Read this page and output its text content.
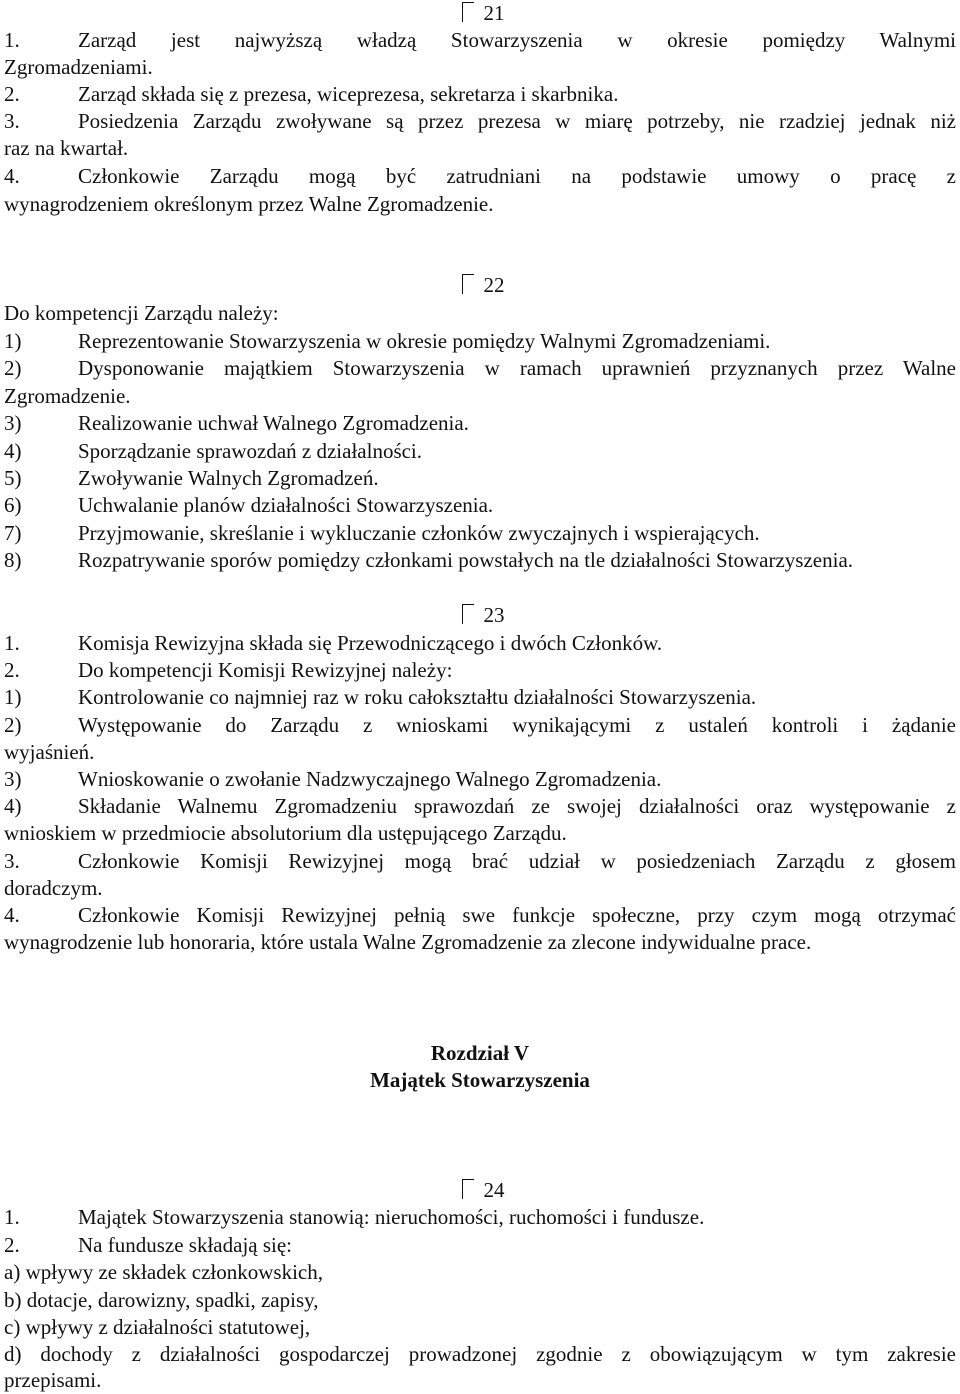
21
1.	Zarząd jest najwyższą władzą Stowarzyszenia w okresie pomiędzy Walnymi
Zgromadzeniami.
2.	Zarząd składa się z prezesa, wiceprezesa, sekretarza i skarbnika.
3.	Posiedzenia Zarządu zwoływane są przez prezesa w miarę potrzeby, nie rzadziej jednak niż
raz na kwartał.
4.	Członkowie Zarządu mogą być zatrudniani na podstawie umowy o pracę z
wynagrodzeniem określonym przez Walne Zgromadzenie.
22
Do kompetencji Zarządu należy:
1)	Reprezentowanie Stowarzyszenia w okresie pomiędzy Walnymi Zgromadzeniami.
2)	Dysponowanie majątkiem Stowarzyszenia w ramach uprawnień przyznanych przez Walne
Zgromadzenie.
3)	Realizowanie uchwał Walnego Zgromadzenia.
4)	Sporządzanie sprawozdań z działalności.
5)	Zwoływanie Walnych Zgromadzeń.
6)	Uchwalanie planów działalności Stowarzyszenia.
7)	Przyjmowanie, skreślanie i wykluczanie członków zwyczajnych i wspierających.
8)	Rozpatrywanie sporów pomiędzy członkami powstałych na tle działalności Stowarzyszenia.
23
1.	Komisja Rewizyjna składa się Przewodniczącego i dwóch Członków.
2.	Do kompetencji Komisji Rewizyjnej należy:
1)	Kontrolowanie co najmniej raz w roku całokształtu działalności Stowarzyszenia.
2)	Występowanie do Zarządu z wnioskami wynikającymi z ustaleń kontroli i żądanie
wyjaśnień.
3)	Wnioskowanie o zwołanie Nadzwyczajnego Walnego Zgromadzenia.
4)	Składanie Walnemu Zgromadzeniu sprawozdań ze swojej działalności oraz występowanie z
wnioskiem w przedmiocie absolutorium dla ustępującego Zarządu.
3.	Członkowie Komisji Rewizyjnej mogą brać udział w posiedzeniach Zarządu z głosem
doradczym.
4.	Członkowie Komisji Rewizyjnej pełnią swe funkcje społeczne, przy czym mogą otrzymać
wynagrodzenie lub honoraria, które ustala Walne Zgromadzenie za zlecone indywidualne prace.
Rozdział V
Majątek Stowarzyszenia
24
1.	Majątek Stowarzyszenia stanowią: nieruchomości, ruchomości i fundusze.
2.	Na fundusze składają się:
a) wpływy ze składek członkowskich,
b) dotacje, darowizny, spadki, zapisy,
c) wpływy z działalności statutowej,
d) dochody z działalności gospodarczej prowadzonej zgodnie z obowiązującym w tym zakresie
przepisami.
